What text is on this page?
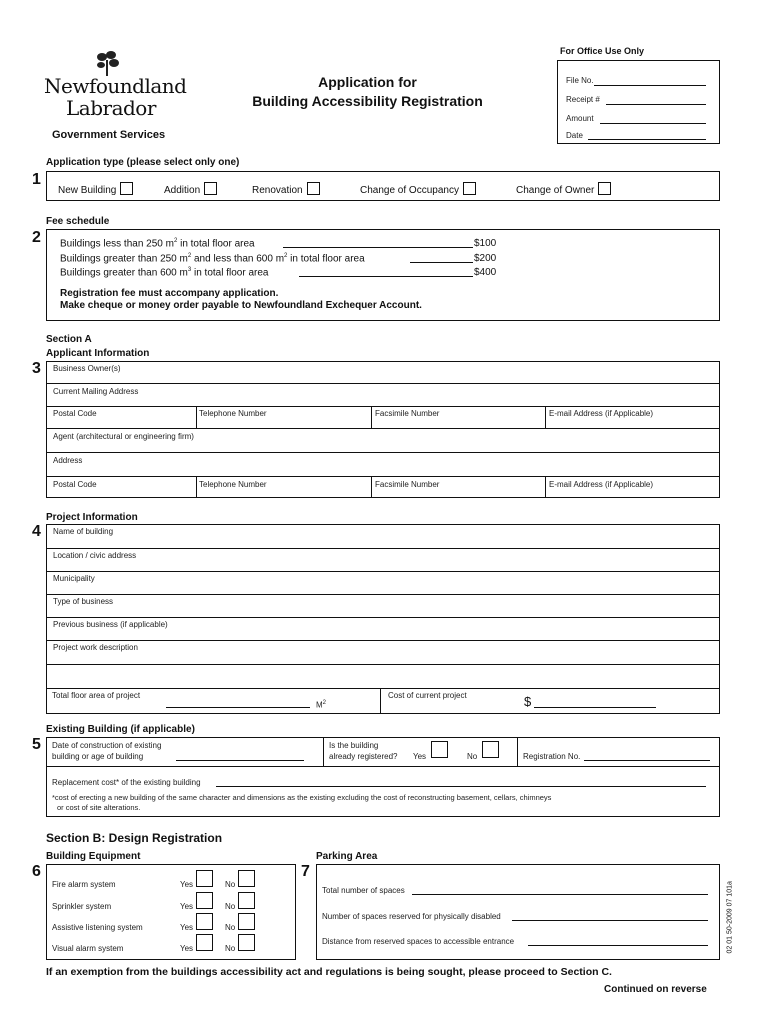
For Office Use Only
File No.
Receipt #
Amount
Date
Newfoundland
Labrador
Government Services
Application for
Building Accessibility Registration
Application type (please select only one)
1
New Building	Addition	Renovation	Change of Occupancy	Change of Owner
Fee schedule
2 Buildings less than 250 $m^2$ in total floor area	$100
Buildings greater than 250 $m^2$ and less than 600 $m^2$ in total floor area	$200
Buildings greater than 600 $m^3$ in total floor area	$400
Registration fee must accompany application.
Make cheque or money order payable to Newfoundland Exchequer Account.
Section A
Applicant Information
3 Business Owner(s)
Current Mailing Address
Postal Code	Telephone Number	Facsimile Number	E-mail Address (if Applicable)
Agent (architectural or engineering firm)
Address
Postal Code	Telephone Number	Facsimile Number	E-mail Address (if Applicable)
Project Information
4 Name of building
Location / civic address
Municipality
Type of business
Previous business (if applicable)
Project work description
Total floor area of project
$M^2$
Cost of current project	$
Existing Building (if applicable)
5 Date of construction of existing
building or age of building
Is the building
already registered? Yes	No	Registration No.
Replacement cost* of the existing building
*cost of erecting a new building of the same character and dimensions as the existing excluding the cost of reconstructing basement, cellars, chimneys
or cost of site alterations.
Section B: Design Registration
Building Equipment	Parking Area
6	7
Fire alarm system	Yes	No
Sprinkler system	Yes	No
Assistive listening system	Yes	No
Visual alarm system	Yes	No
Total number of spaces
Number of spaces reserved for physically disabled
Distance from reserved spaces to accessible entrance	02 01 50-2009 07 101a
If an exemption from the buildings accessibility act and regulations is being sought, please proceed to Section C.
Continued on reverse
